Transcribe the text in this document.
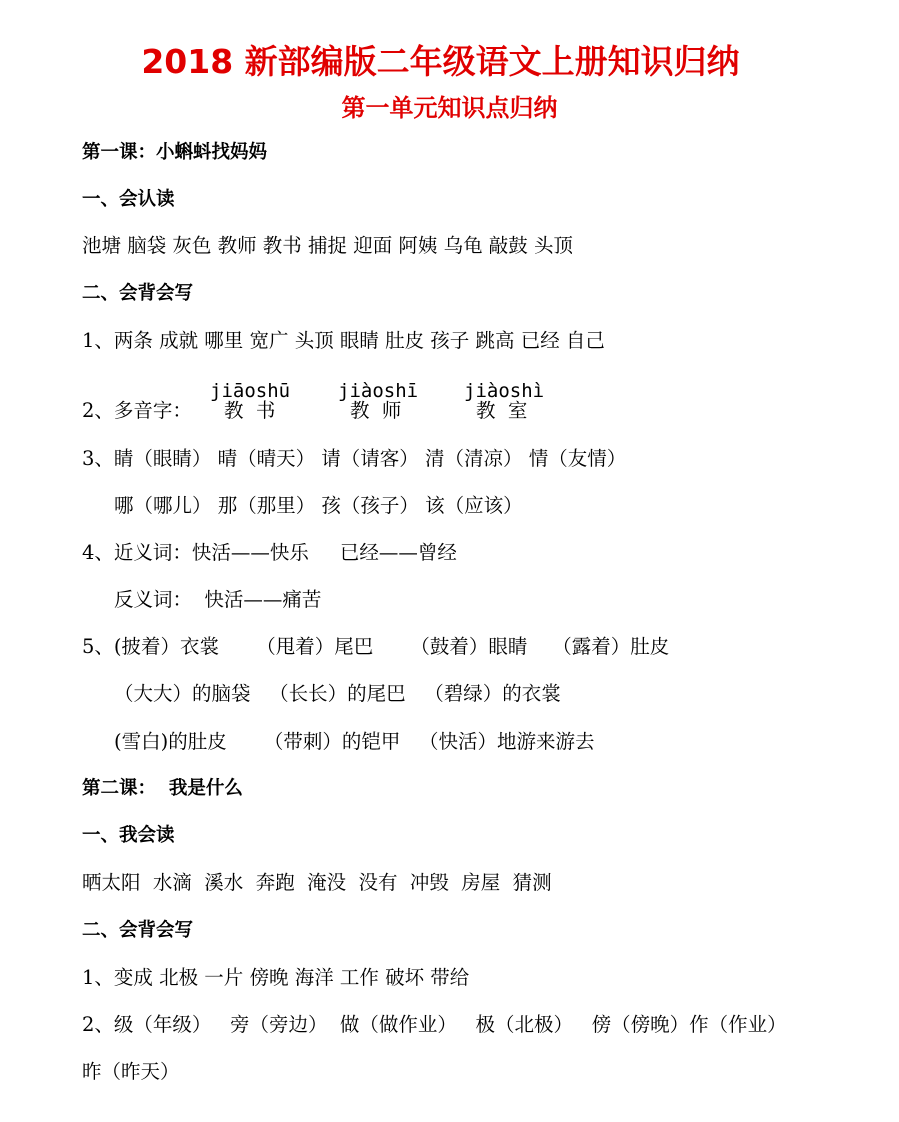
2018 新部编版二年级语文上册知识归纳
第一单元知识点归纳
第一课：小蝌蚪找妈妈
一、会认读
池塘 脑袋 灰色 教师 教书 捕捉 迎面 阿姨 乌龟 敲鼓 头顶
二、会背会写
1、两条 成就 哪里 宽广 头顶 眼睛 肚皮 孩子 跳高 已经 自己
2、多音字：
jiāoshū
教  书
jiàoshī
教  师
jiàoshì
教  室
3、睛（眼睛） 晴（晴天） 请（请客） 清（清凉） 情（友情）
哪（哪儿） 那（那里） 孩（孩子） 该（应该）
4、近义词：快活——快乐     已经——曾经
反义词：  快活——痛苦
5、(披着）衣裳      （甩着）尾巴      （鼓着）眼睛    （露着）肚皮
（大大）的脑袋   （长长）的尾巴   （碧绿）的衣裳
(雪白)的肚皮      （带刺）的铠甲   （快活）地游来游去
第二课：  我是什么
一、我会读
晒太阳  水滴  溪水  奔跑  淹没  没有  冲毁  房屋  猜测
二、会背会写
1、变成 北极 一片 傍晚 海洋 工作 破坏 带给
2、级（年级）   旁（旁边）  做（做作业）   极（北极）   傍（傍晚）作（作业）
昨（昨天）
